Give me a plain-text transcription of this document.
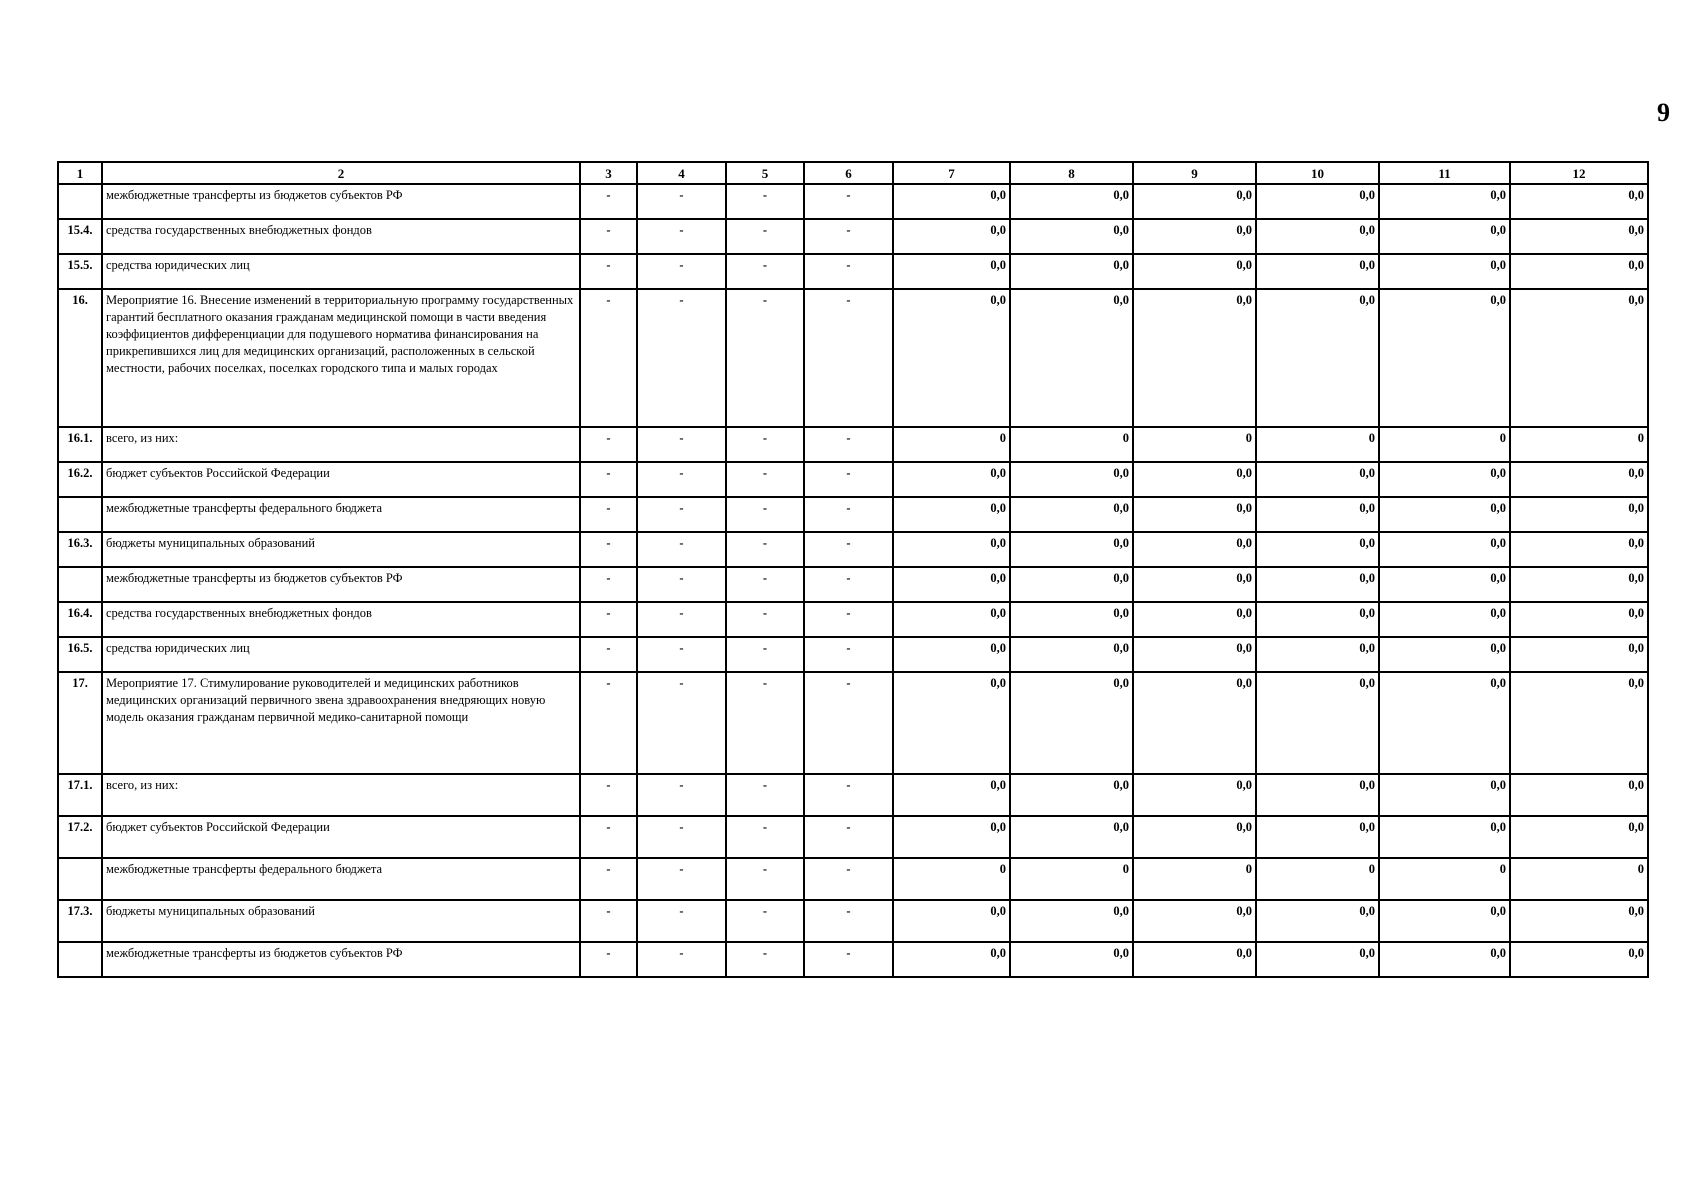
9
1	2	3	4	5	6	7	8	9	10	11	12
	межбюджетные трансферты из бюджетов субъектов РФ	-	-	-	-	0,0	0,0	0,0	0,0	0,0	0,0
15.4.	средства государственных внебюджетных фондов	-	-	-	-	0,0	0,0	0,0	0,0	0,0	0,0
15.5.	средства юридических лиц	-	-	-	-	0,0	0,0	0,0	0,0	0,0	0,0
16.	Мероприятие 16. Внесение изменений в территориальную программу государственных гарантий бесплатного оказания гражданам медицинской помощи в части введения коэффициентов дифференциации для подушевого норматива финансирования на прикрепившихся лиц для медицинских организаций, расположенных в сельской местности, рабочих поселках, поселках городского типа и малых городах	-	-	-	-	0,0	0,0	0,0	0,0	0,0	0,0
16.1.	всего, из них:	-	-	-	-	0	0	0	0	0	0
16.2.	бюджет субъектов Российской Федерации	-	-	-	-	0,0	0,0	0,0	0,0	0,0	0,0
	межбюджетные трансферты федерального бюджета	-	-	-	-	0,0	0,0	0,0	0,0	0,0	0,0
16.3.	бюджеты муниципальных образований	-	-	-	-	0,0	0,0	0,0	0,0	0,0	0,0
	межбюджетные трансферты из бюджетов субъектов РФ	-	-	-	-	0,0	0,0	0,0	0,0	0,0	0,0
16.4.	средства государственных внебюджетных фондов	-	-	-	-	0,0	0,0	0,0	0,0	0,0	0,0
16.5.	средства юридических лиц	-	-	-	-	0,0	0,0	0,0	0,0	0,0	0,0
17.	Мероприятие 17. Стимулирование руководителей и медицинских работников медицинских организаций первичного звена здравоохранения внедряющих новую модель оказания гражданам первичной медико-санитарной помощи	-	-	-	-	0,0	0,0	0,0	0,0	0,0	0,0
17.1.	всего, из них:	-	-	-	-	0,0	0,0	0,0	0,0	0,0	0,0
17.2.	бюджет субъектов Российской Федерации	-	-	-	-	0,0	0,0	0,0	0,0	0,0	0,0
	межбюджетные трансферты федерального бюджета	-	-	-	-	0	0	0	0	0	0
17.3.	бюджеты муниципальных образований	-	-	-	-	0,0	0,0	0,0	0,0	0,0	0,0
	межбюджетные трансферты из бюджетов субъектов РФ	-	-	-	-	0,0	0,0	0,0	0,0	0,0	0,0
